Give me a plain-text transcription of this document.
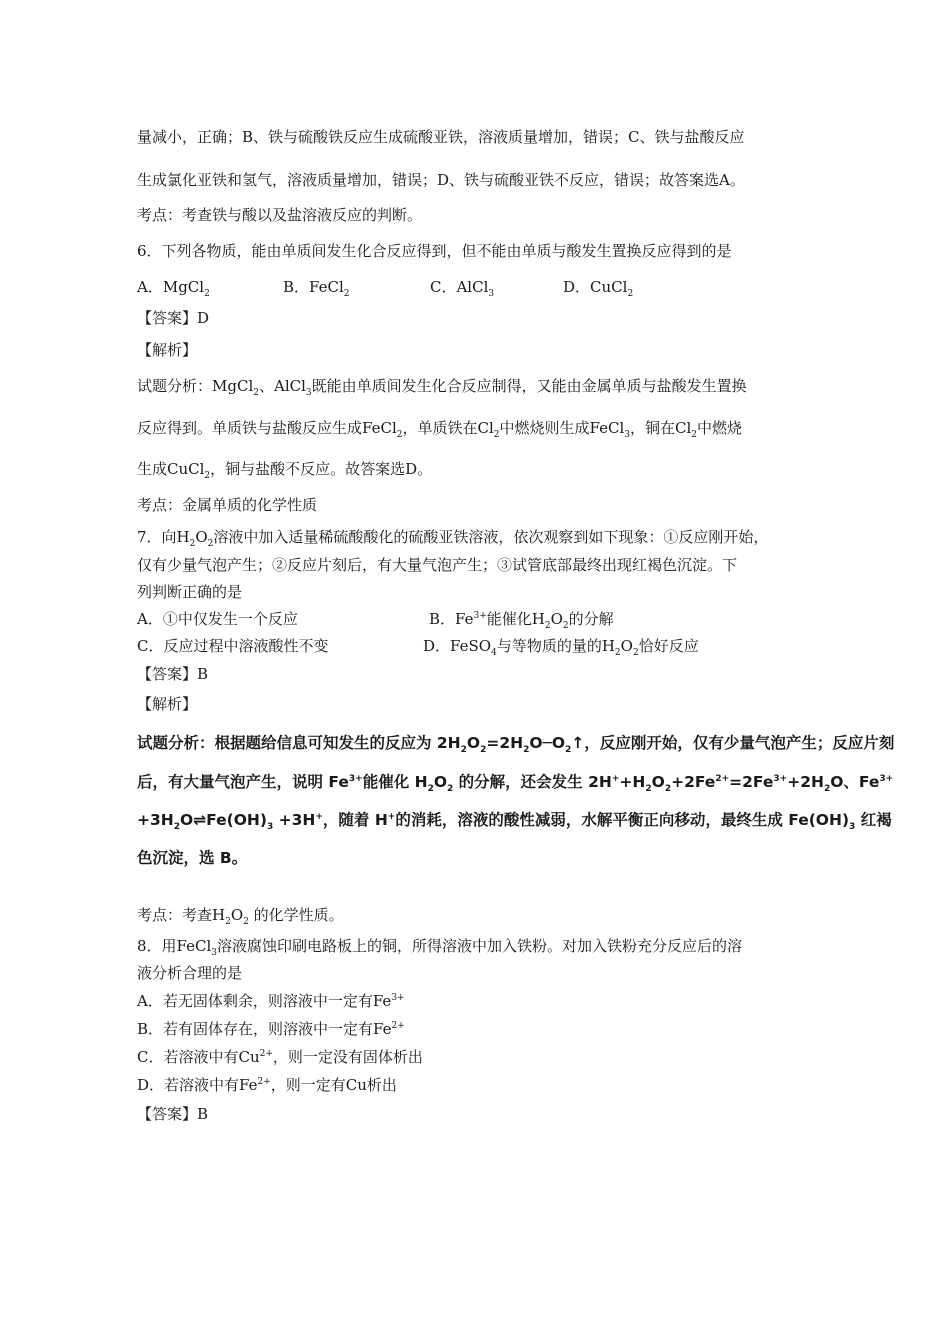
量减小，正确；B、铁与硫酸铁反应生成硫酸亚铁，溶液质量增加，错误；C、铁与盐酸反应
生成氯化亚铁和氢气，溶液质量增加，错误；D、铁与硫酸亚铁不反应，错误；故答案选A。
考点：考查铁与酸以及盐溶液反应的判断。
6．下列各物质，能由单质间发生化合反应得到，但不能由单质与酸发生置换反应得到的是
A．MgCl$_2$	B．FeCl$_2$	C．AlCl$_3$	D．CuCl$_2$
【答案】D
【解析】
试题分析：MgCl$_2$、AlCl$_3$既能由单质间发生化合反应制得，又能由金属单质与盐酸发生置换
反应得到。单质铁与盐酸反应生成FeCl$_2$，单质铁在$Cl_2$中燃烧则生成FeCl$_3$，铜在$Cl_2$中燃烧
生成CuCl$_2$，铜与盐酸不反应。故答案选D。
考点：金属单质的化学性质
7．向$H_2O_2$溶液中加入适量稀硫酸酸化的硫酸亚铁溶液，依次观察到如下现象：①反应刚开始，
仅有少量气泡产生；②反应片刻后，有大量气泡产生；③试管底部最终出现红褐色沉淀。下
列判断正确的是
A．①中仅发生一个反应	B．$Fe^{3+}$能催化$H_2O_2$的分解
C．反应过程中溶液酸性不变	D．FeSO$_4$与等物质的量的$H_2O_2$恰好反应
【答案】B
【解析】
试题分析：根据题给信息可知发生的反应为 $2H_2O_2=2H_2O─O_2↑$，反应刚开始，仅有少量气泡产生；反应片刻
后，有大量气泡产生，说明 $Fe^{3+}$能催化 $H_2O_2$ 的分解，还会发生 $2H^++H_2O_2+2Fe^{2+}=2Fe^{3+}+2H_2O$、$Fe^{3+}$
$+3H_2O\rightleftharpoons Fe(OH)_3 +3H^+$，随着 H+的消耗，溶液的酸性减弱，水解平衡正向移动，最终生成 $Fe(OH)_3$ 红褐
色沉淀，选 B。
考点：考查$H_2O_2$ 的化学性质。
8．用FeCl$_3$溶液腐蚀印刷电路板上的铜，所得溶液中加入铁粉。对加入铁粉充分反应后的溶
液分析合理的是
A．若无固体剩余，则溶液中一定有$Fe^{3+}$
B．若有固体存在，则溶液中一定有$Fe^{2+}$
C．若溶液中有$Cu^{2+}$，则一定没有固体析出
D．若溶液中有$Fe^{2+}$，则一定有Cu析出
【答案】B
